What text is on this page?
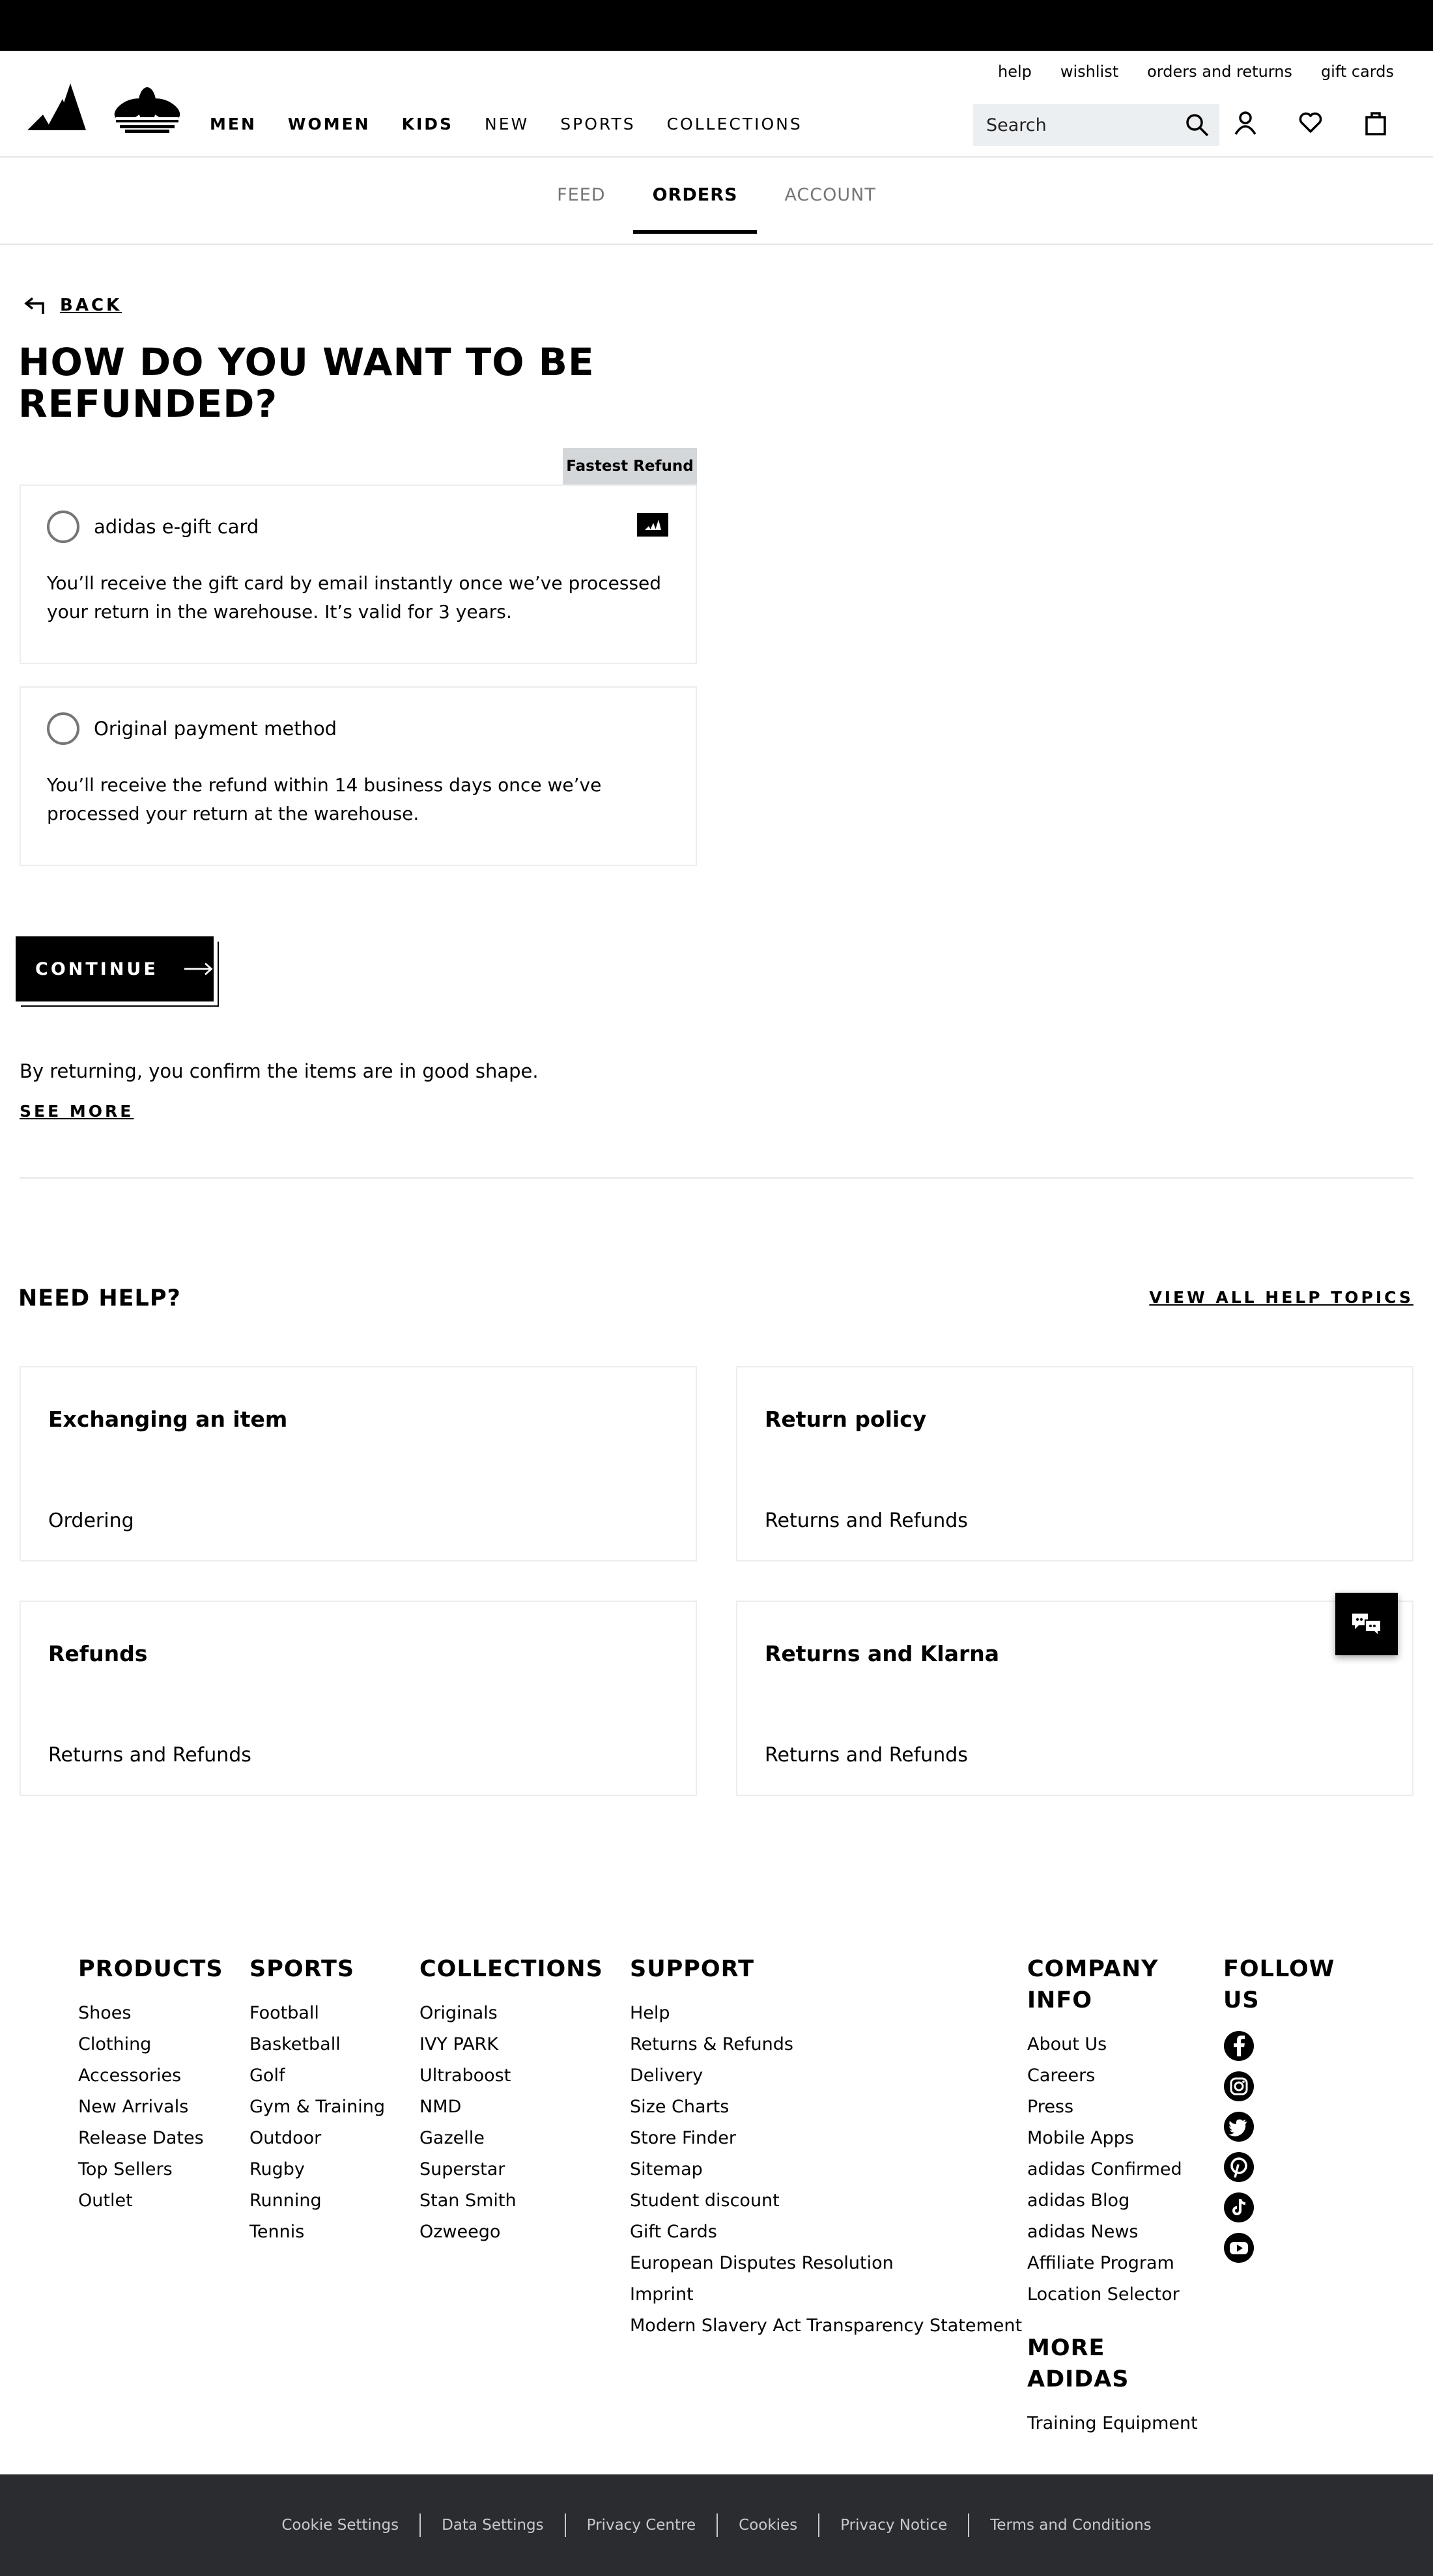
help wishlist orders and returns gift cards
MEN WOMEN KIDS NEW SPORTS COLLECTIONS	Search
FEED	ORDERS	ACCOUNT
BACK
HOW DO YOU WANT TO BE REFUNDED?
Fastest Refund
adidas e-gift card
You’ll receive the gift card by email instantly once we’ve processed your return in the warehouse. It’s valid for 3 years.
Original payment method
You’ll receive the refund within 14 business days once we’ve processed your return at the warehouse.
CONTINUE
By returning, you confirm the items are in good shape.
SEE MORE
NEED HELP?	VIEW ALL HELP TOPICS
Exchanging an item
Ordering
Return policy
Returns and Refunds
Refunds
Returns and Refunds
Returns and Klarna
Returns and Refunds
PRODUCTS
Shoes
Clothing
Accessories
New Arrivals
Release Dates
Top Sellers
Outlet
SPORTS
Football
Basketball
Golf
Gym & Training
Outdoor
Rugby
Running
Tennis
COLLECTIONS
Originals
IVY PARK
Ultraboost
NMD
Gazelle
Superstar
Stan Smith
Ozweego
SUPPORT
Help
Returns & Refunds
Delivery
Size Charts
Store Finder
Sitemap
Student discount
Gift Cards
European Disputes Resolution
Imprint
Modern Slavery Act Transparency Statement
COMPANY INFO
About Us
Careers
Press
Mobile Apps
adidas Confirmed
adidas Blog
adidas News
Affiliate Program
Location Selector
MORE ADIDAS
Training Equipment
FOLLOW US
Cookie Settings	Data Settings	Privacy Centre	Cookies	Privacy Notice	Terms and Conditions
